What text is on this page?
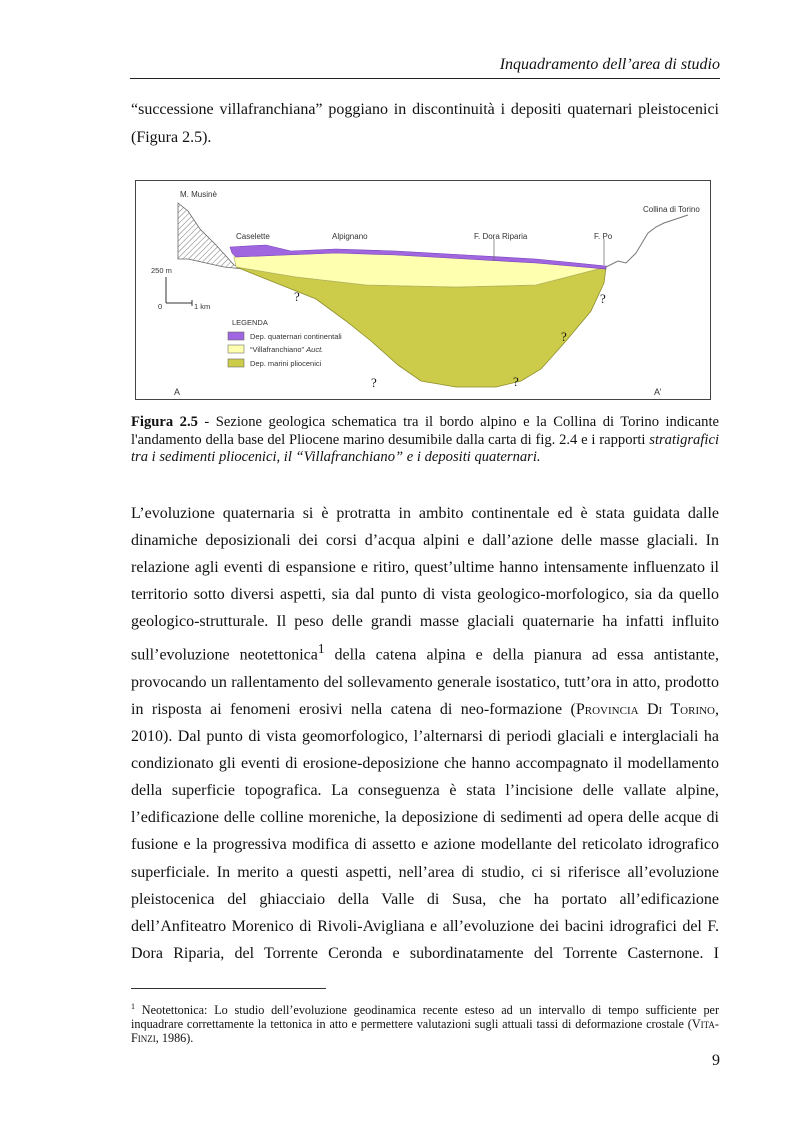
Inquadramento dell’area di studio

“successione villafranchiana” poggiano in discontinuità i depositi quaternari pleistocenici
(Figura 2.5).

M. Musinè
Caselette	Alpignano	F. Dora Riparia	F. Po
Collina di Torino
250 m
0	1 km
LEGENDA
Dep. quaternari continentali
“Villafranchiano” Auct.
Dep. marini pliocenici
?	?
?
?	?
A	A’

Figura 2.5 - Sezione geologica schematica tra il bordo alpino e la Collina di Torino indicante l'andamento della base del Pliocene marino desumibile dalla carta di fig. 2.4 e i rapporti stratigrafici tra i sedimenti pliocenici, il “Villafranchiano” e i depositi quaternari.

L’evoluzione quaternaria si è protratta in ambito continentale ed è stata guidata dalle
dinamiche deposizionali dei corsi d’acqua alpini e dall’azione delle masse glaciali. In
relazione agli eventi di espansione e ritiro, quest’ultime hanno intensamente influenzato il
territorio sotto diversi aspetti, sia dal punto di vista geologico-morfologico, sia da quello
geologico-strutturale. Il peso delle grandi masse glaciali quaternarie ha infatti influito
sull’evoluzione neotettonica$^1$ della catena alpina e della pianura ad essa antistante,
provocando un rallentamento del sollevamento generale isostatico, tutt’ora in atto, prodotto
in risposta ai fenomeni erosivi nella catena di neo-formazione (Provincia Di Torino,
2010). Dal punto di vista geomorfologico, l’alternarsi di periodi glaciali e interglaciali ha
condizionato gli eventi di erosione-deposizione che hanno accompagnato il modellamento
della superficie topografica. La conseguenza è stata l’incisione delle vallate alpine,
l’edificazione delle colline moreniche, la deposizione di sedimenti ad opera delle acque di
fusione e la progressiva modifica di assetto e azione modellante del reticolato idrografico
superficiale. In merito a questi aspetti, nell’area di studio, ci si riferisce all’evoluzione
pleistocenica del ghiacciaio della Valle di Susa, che ha portato all’edificazione
dell’Anfiteatro Morenico di Rivoli-Avigliana e all’evoluzione dei bacini idrografici del F.
Dora Riparia, del Torrente Ceronda e subordinatamente del Torrente Casternone. I

$^1$ Neotettonica: Lo studio dell’evoluzione geodinamica recente esteso ad un intervallo di tempo sufficiente per inquadrare correttamente la tettonica in atto e permettere valutazioni sugli attuali tassi di deformazione crostale (Vita-Finzi, 1986).

9
